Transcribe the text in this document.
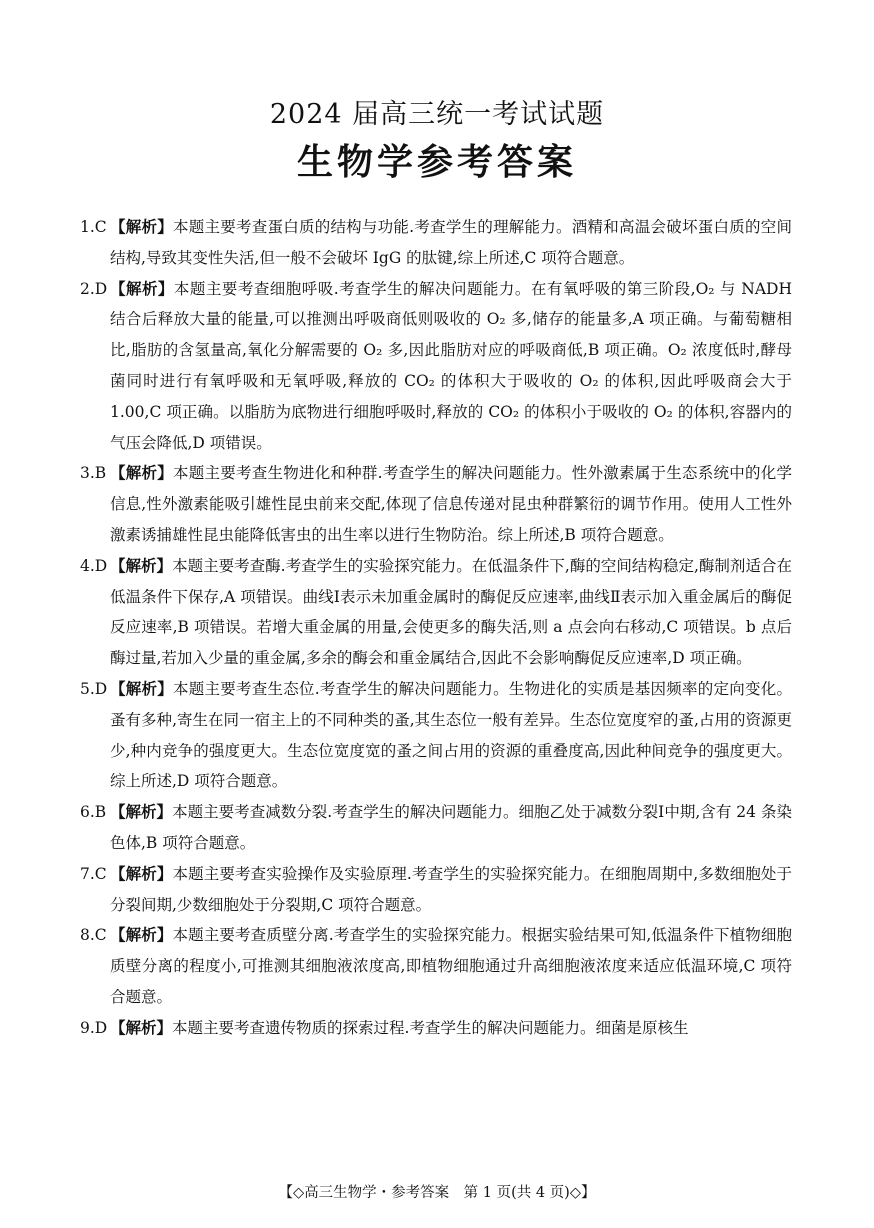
2024 届高三统一考试试题
生物学参考答案

1.C 【解析】本题主要考查蛋白质的结构与功能.考查学生的理解能力。酒精和高温会破坏蛋白质的空间结构,导致其变性失活,但一般不会破坏 IgG 的肽键,综上所述,C 项符合题意。

2.D 【解析】本题主要考查细胞呼吸.考查学生的解决问题能力。在有氧呼吸的第三阶段,O₂ 与 NADH 结合后释放大量的能量,可以推测出呼吸商低则吸收的 O₂ 多,储存的能量多,A 项正确。与葡萄糖相比,脂肪的含氢量高,氧化分解需要的 O₂ 多,因此脂肪对应的呼吸商低,B 项正确。O₂ 浓度低时,酵母菌同时进行有氧呼吸和无氧呼吸,释放的 CO₂ 的体积大于吸收的 O₂ 的体积,因此呼吸商会大于 1.00,C 项正确。以脂肪为底物进行细胞呼吸时,释放的 CO₂ 的体积小于吸收的 O₂ 的体积,容器内的气压会降低,D 项错误。

3.B 【解析】本题主要考查生物进化和种群.考查学生的解决问题能力。性外激素属于生态系统中的化学信息,性外激素能吸引雄性昆虫前来交配,体现了信息传递对昆虫种群繁衍的调节作用。使用人工性外激素诱捕雄性昆虫能降低害虫的出生率以进行生物防治。综上所述,B 项符合题意。

4.D 【解析】本题主要考查酶.考查学生的实验探究能力。在低温条件下,酶的空间结构稳定,酶制剂适合在低温条件下保存,A 项错误。曲线Ⅰ表示未加重金属时的酶促反应速率,曲线Ⅱ表示加入重金属后的酶促反应速率,B 项错误。若增大重金属的用量,会使更多的酶失活,则 a 点会向右移动,C 项错误。b 点后酶过量,若加入少量的重金属,多余的酶会和重金属结合,因此不会影响酶促反应速率,D 项正确。

5.D 【解析】本题主要考查生态位.考查学生的解决问题能力。生物进化的实质是基因频率的定向变化。蚤有多种,寄生在同一宿主上的不同种类的蚤,其生态位一般有差异。生态位宽度窄的蚤,占用的资源更少,种内竞争的强度更大。生态位宽度宽的蚤之间占用的资源的重叠度高,因此种间竞争的强度更大。综上所述,D 项符合题意。

6.B 【解析】本题主要考查减数分裂.考查学生的解决问题能力。细胞乙处于减数分裂Ⅰ中期,含有 24 条染色体,B 项符合题意。

7.C 【解析】本题主要考查实验操作及实验原理.考查学生的实验探究能力。在细胞周期中,多数细胞处于分裂间期,少数细胞处于分裂期,C 项符合题意。

8.C 【解析】本题主要考查质壁分离.考查学生的实验探究能力。根据实验结果可知,低温条件下植物细胞质壁分离的程度小,可推测其细胞液浓度高,即植物细胞通过升高细胞液浓度来适应低温环境,C 项符合题意。

9.D 【解析】本题主要考查遗传物质的探索过程.考查学生的解决问题能力。细菌是原核生

【◇高三生物学・参考答案　第 1 页(共 4 页)◇】
